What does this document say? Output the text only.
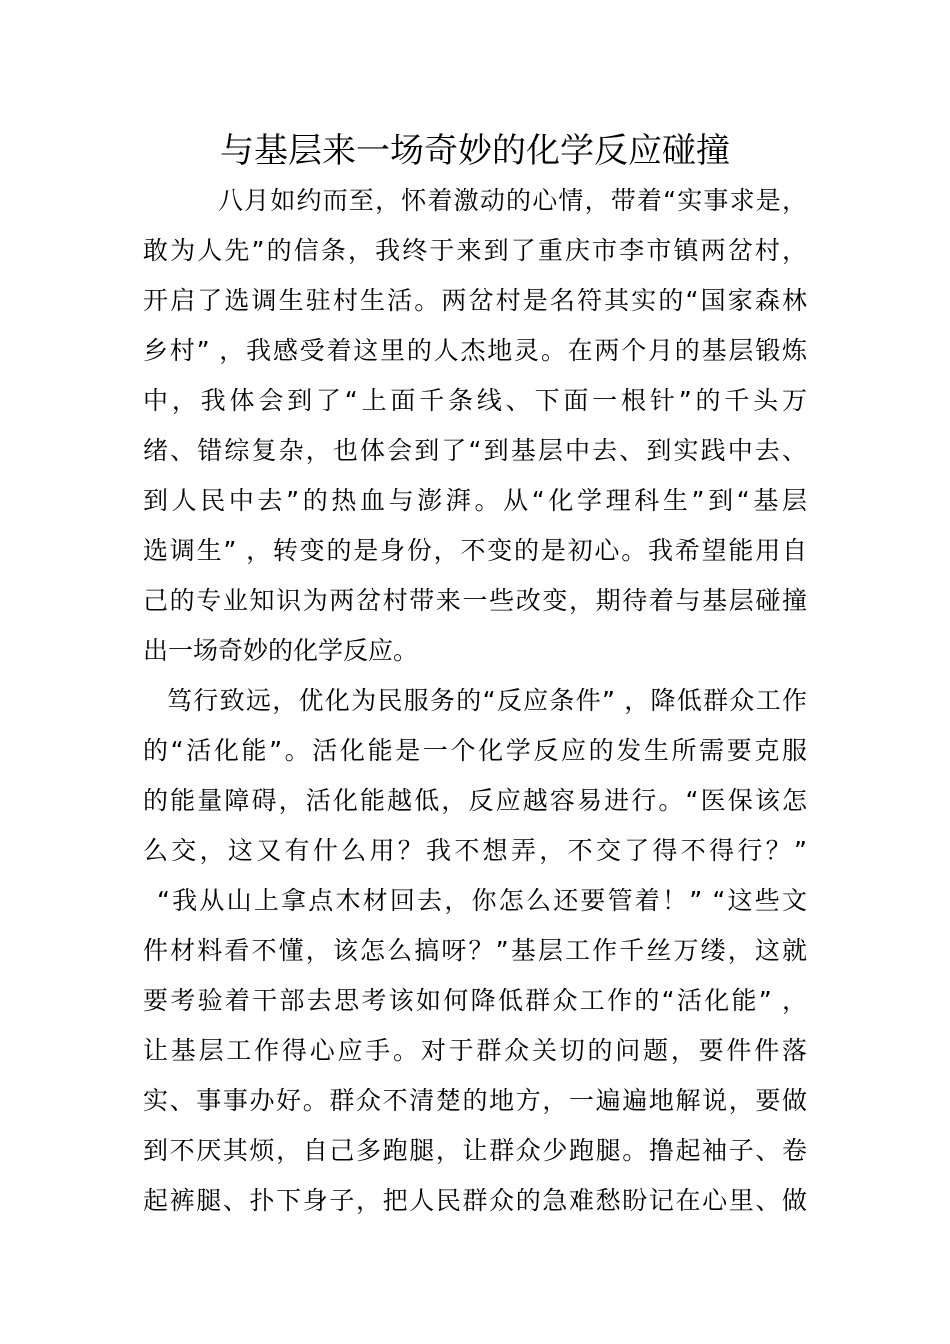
与基层来一场奇妙的化学反应碰撞
八月如约而至，怀着激动的心情，带着“实事求是，
敢为人先”的信条，我终于来到了重庆市李市镇两岔村，
开启了选调生驻村生活。两岔村是名符其实的“国家森林
乡村” ，我感受着这里的人杰地灵。在两个月的基层锻炼
中，我体会到了“上面千条线、下面一根针”的千头万
绪、错综复杂，也体会到了“到基层中去、到实践中去、
到人民中去”的热血与澎湃。从“化学理科生”到“基层
选调生” ，转变的是身份，不变的是初心。我希望能用自
己的专业知识为两岔村带来一些改变，期待着与基层碰撞
出一场奇妙的化学反应。
笃行致远，优化为民服务的“反应条件” ，降低群众工作
的“活化能”。活化能是一个化学反应的发生所需要克服
的能量障碍，活化能越低，反应越容易进行。“医保该怎
么交，这又有什么用？我不想弄，不交了得不得行？”
“我从山上拿点木材回去，你怎么还要管着！” “这些文
件材料看不懂，该怎么搞呀？”基层工作千丝万缕，这就
要考验着干部去思考该如何降低群众工作的“活化能” ，
让基层工作得心应手。对于群众关切的问题，要件件落
实、事事办好。群众不清楚的地方，一遍遍地解说，要做
到不厌其烦，自己多跑腿，让群众少跑腿。撸起袖子、卷
起裤腿、扑下身子，把人民群众的急难愁盼记在心里、做
